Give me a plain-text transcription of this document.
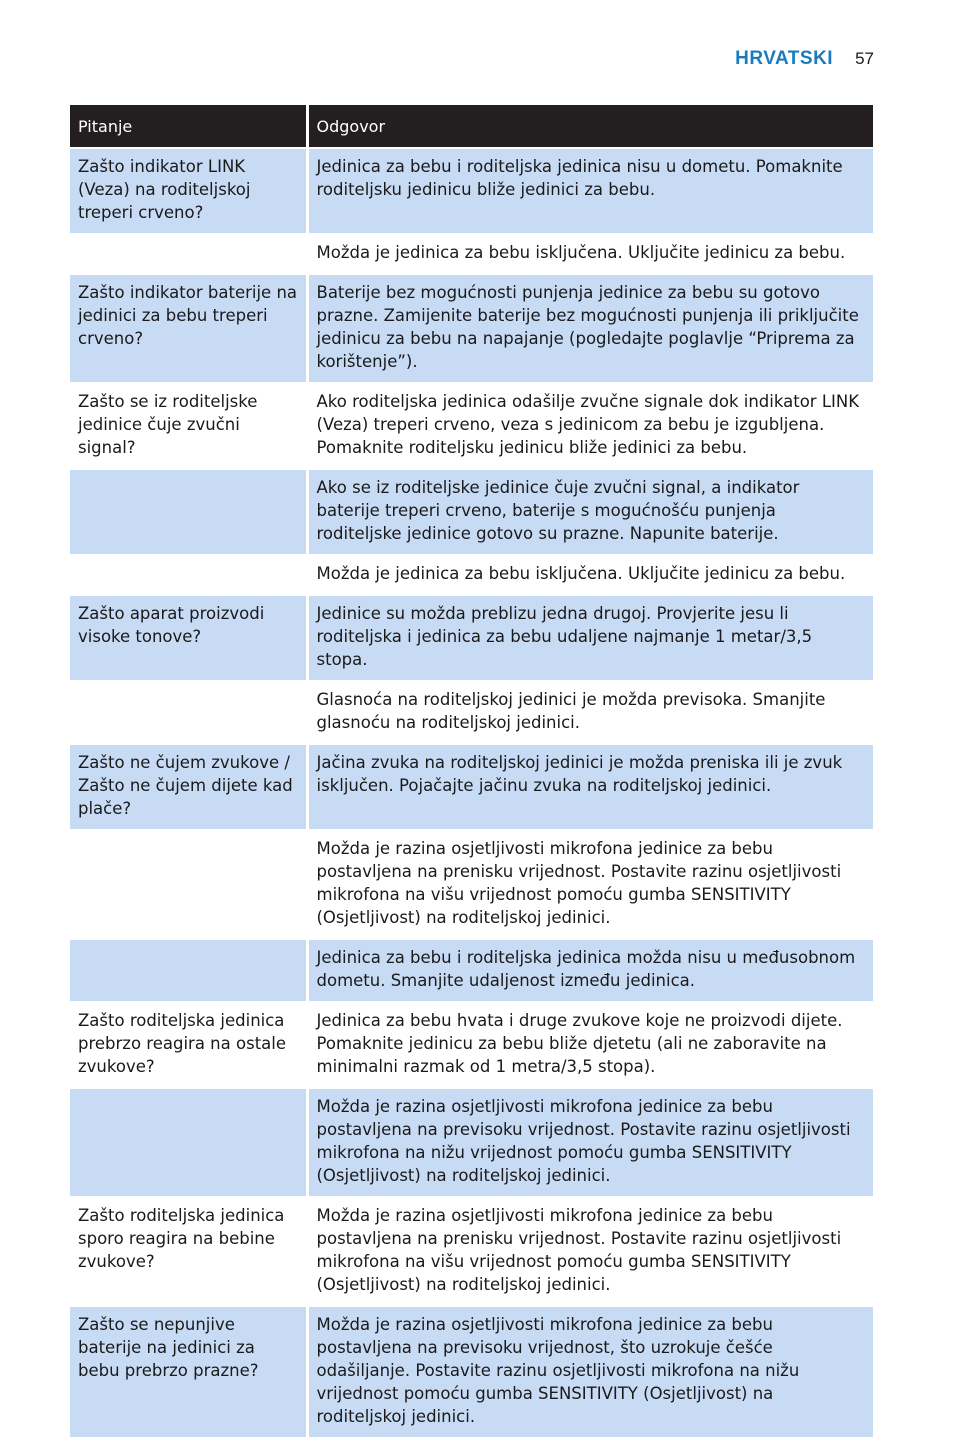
HRVATSKI 57
Pitanje	Odgovor
Zašto indikator LINK (Veza) na roditeljskoj treperi crveno?	Jedinica za bebu i roditeljska jedinica nisu u dometu. Pomaknite roditeljsku jedinicu bliže jedinici za bebu.
	Možda je jedinica za bebu isključena. Uključite jedinicu za bebu.
Zašto indikator baterije na jedinici za bebu treperi crveno?	Baterije bez mogućnosti punjenja jedinice za bebu su gotovo prazne. Zamijenite baterije bez mogućnosti punjenja ili priključite jedinicu za bebu na napajanje (pogledajte poglavlje “Priprema za korištenje”).
Zašto se iz roditeljske jedinice čuje zvučni signal?	Ako roditeljska jedinica odašilje zvučne signale dok indikator LINK (Veza) treperi crveno, veza s jedinicom za bebu je izgubljena. Pomaknite roditeljsku jedinicu bliže jedinici za bebu.
	Ako se iz roditeljske jedinice čuje zvučni signal, a indikator baterije treperi crveno, baterije s mogućnošću punjenja roditeljske jedinice gotovo su prazne. Napunite baterije.
	Možda je jedinica za bebu isključena. Uključite jedinicu za bebu.
Zašto aparat proizvodi visoke tonove?	Jedinice su možda preblizu jedna drugoj. Provjerite jesu li roditeljska i jedinica za bebu udaljene najmanje 1 metar/3,5 stopa.
	Glasnoća na roditeljskoj jedinici je možda previsoka. Smanjite glasnoću na roditeljskoj jedinici.
Zašto ne čujem zvukove / Zašto ne čujem dijete kad plače?	Jačina zvuka na roditeljskoj jedinici je možda preniska ili je zvuk isključen. Pojačajte jačinu zvuka na roditeljskoj jedinici.
	Možda je razina osjetljivosti mikrofona jedinice za bebu postavljena na prenisku vrijednost. Postavite razinu osjetljivosti mikrofona na višu vrijednost pomoću gumba SENSITIVITY (Osjetljivost) na roditeljskoj jedinici.
	Jedinica za bebu i roditeljska jedinica možda nisu u međusobnom dometu. Smanjite udaljenost između jedinica.
Zašto roditeljska jedinica prebrzo reagira na ostale zvukove?	Jedinica za bebu hvata i druge zvukove koje ne proizvodi dijete. Pomaknite jedinicu za bebu bliže djetetu (ali ne zaboravite na minimalni razmak od 1 metra/3,5 stopa).
	Možda je razina osjetljivosti mikrofona jedinice za bebu postavljena na previsoku vrijednost. Postavite razinu osjetljivosti mikrofona na nižu vrijednost pomoću gumba SENSITIVITY (Osjetljivost) na roditeljskoj jedinici.
Zašto roditeljska jedinica sporo reagira na bebine zvukove?	Možda je razina osjetljivosti mikrofona jedinice za bebu postavljena na prenisku vrijednost. Postavite razinu osjetljivosti mikrofona na višu vrijednost pomoću gumba SENSITIVITY (Osjetljivost) na roditeljskoj jedinici.
Zašto se nepunjive baterije na jedinici za bebu prebrzo prazne?	Možda je razina osjetljivosti mikrofona jedinice za bebu postavljena na previsoku vrijednost, što uzrokuje češće odašiljanje. Postavite razinu osjetljivosti mikrofona na nižu vrijednost pomoću gumba SENSITIVITY (Osjetljivost) na roditeljskoj jedinici.
